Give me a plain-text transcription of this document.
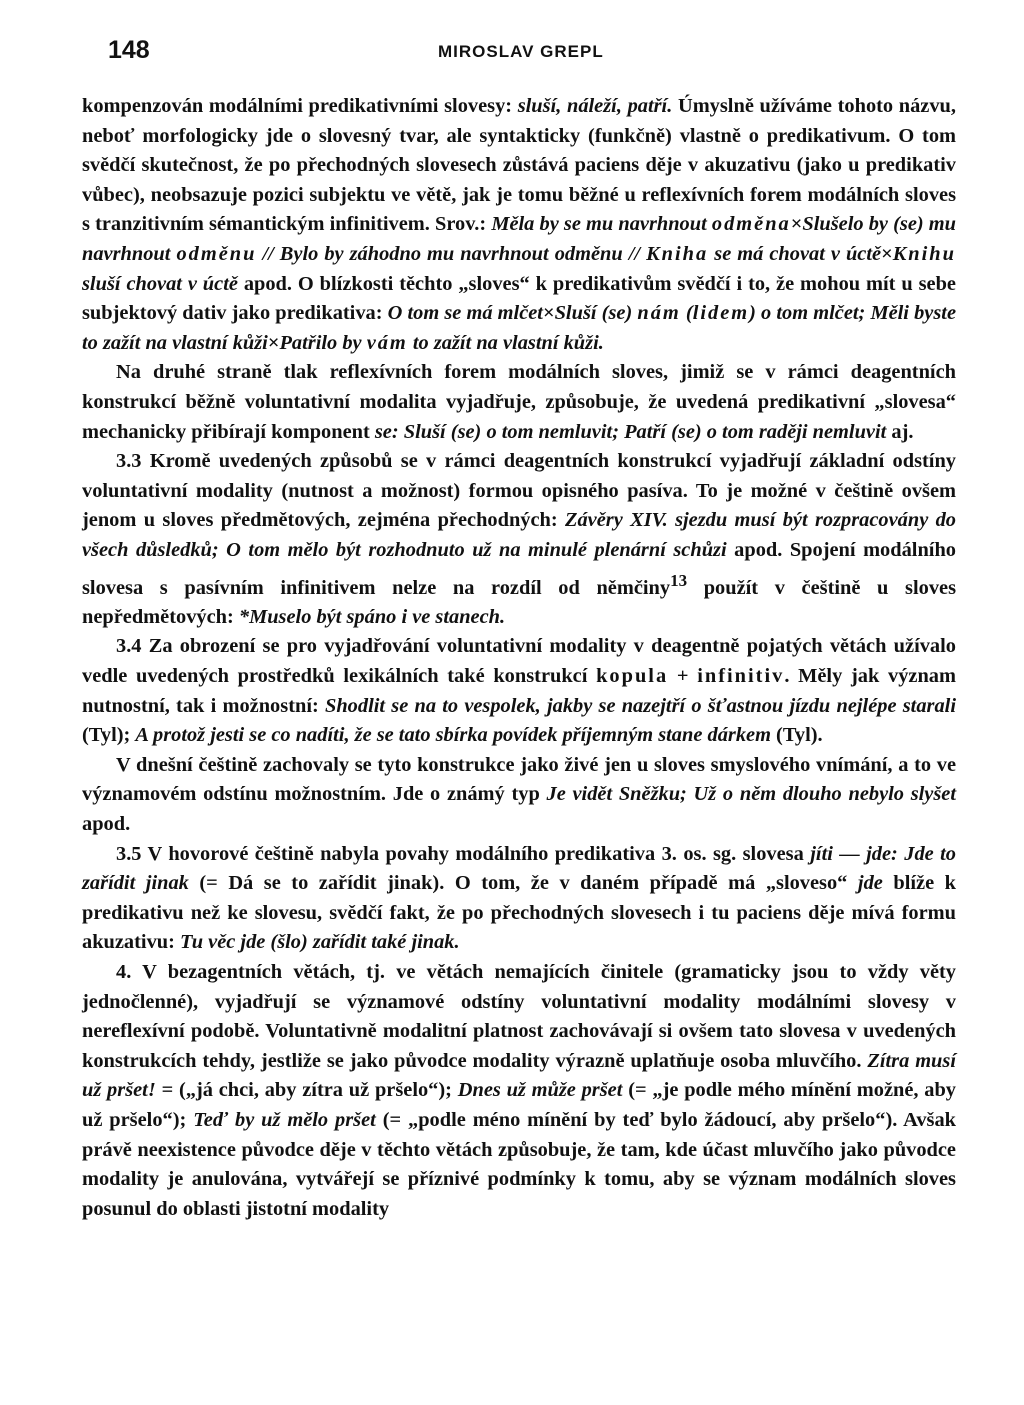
148	MIROSLAV GREPL

kompenzován modálními predikativními slovesy: sluší, náleží, patří. Úmyslně užíváme tohoto názvu, neboť morfologicky jde o slovesný tvar, ale syntakticky (funkčně) vlastně o predikativum. O tom svědčí skutečnost, že po přechodných slovesech zůstává paciens děje v akuzativu (jako u predikativ vůbec), neobsazuje pozici subjektu ve větě, jak je tomu běžné u reflexívních forem modálních sloves s tranzitivním sémantickým infinitivem. Srov.: Měla by se mu navrhnout odměna×Slušelo by (se) mu navrhnout odměnu // Bylo by záhodno mu navrhnout odměnu // Kniha se má chovat v úctě×Knihu sluší chovat v úctě apod. O blízkosti těchto „sloves“ k predikativům svědčí i to, že mohou mít u sebe subjektový dativ jako predikativa: O tom se má mlčet×Sluší (se) nám (lidem) o tom mlčet; Měli byste to zažít na vlastní kůži×Patřilo by vám to zažít na vlastní kůži.

Na druhé straně tlak reflexívních forem modálních sloves, jimiž se v rámci deagentních konstrukcí běžně voluntativní modalita vyjadřuje, způsobuje, že uvedená predikativní „slovesa“ mechanicky přibírají komponent se: Sluší (se) o tom nemluvit; Patří (se) o tom raději nemluvit aj.

3.3 Kromě uvedených způsobů se v rámci deagentních konstrukcí vyjadřují základní odstíny voluntativní modality (nutnost a možnost) formou opisného pasíva. To je možné v češtině ovšem jenom u sloves předmětových, zejména přechodných: Závěry XIV. sjezdu musí být rozpracovány do všech důsledků; O tom mělo být rozhodnuto už na minulé plenární schůzi apod. Spojení modálního slovesa s pasívním infinitivem nelze na rozdíl od němčiny$^{13}$ použít v češtině u sloves nepředmětových: *Muselo být spáno i ve stanech.

3.4 Za obrození se pro vyjadřování voluntativní modality v deagentně pojatých větách užívalo vedle uvedených prostředků lexikálních také konstrukcí kopula + infinitiv. Měly jak význam nutnostní, tak i možnostní: Shodlit se na to vespolek, jakby se nazejtří o šťastnou jízdu nejlépe starali (Tyl); A protož jesti se co nadíti, že se tato sbírka povídek příjemným stane dárkem (Tyl).

V dnešní češtině zachovaly se tyto konstrukce jako živé jen u sloves smyslového vnímání, a to ve významovém odstínu možnostním. Jde o známý typ Je vidět Sněžku; Už o něm dlouho nebylo slyšet apod.

3.5 V hovorové češtině nabyla povahy modálního predikativa 3. os. sg. slovesa jíti — jde: Jde to zařídit jinak (= Dá se to zařídit jinak). O tom, že v daném případě má „sloveso“ jde blíže k predikativu než ke slovesu, svědčí fakt, že po přechodných slovesech i tu paciens děje mívá formu akuzativu: Tu věc jde (šlo) zařídit také jinak.

4. V bezagentních větách, tj. ve větách nemajících činitele (gramaticky jsou to vždy věty jednočlenné), vyjadřují se významové odstíny voluntativní modality modálními slovesy v nereflexívní podobě. Voluntativně modalitní platnost zachovávají si ovšem tato slovesa v uvedených konstrukcích tehdy, jestliže se jako původce modality výrazně uplatňuje osoba mluvčího. Zítra musí už pršet! = („já chci, aby zítra už pršelo“); Dnes už může pršet (= „je podle mého mínění možné, aby už pršelo“); Teď by už mělo pršet (= „podle méno mínění by teď bylo žádoucí, aby pršelo“). Avšak právě neexistence původce děje v těchto větách způsobuje, že tam, kde účast mluvčího jako původce modality je anulována, vytvářejí se příznivé podmínky k tomu, aby se význam modálních sloves posunul do oblasti jistotní modality
